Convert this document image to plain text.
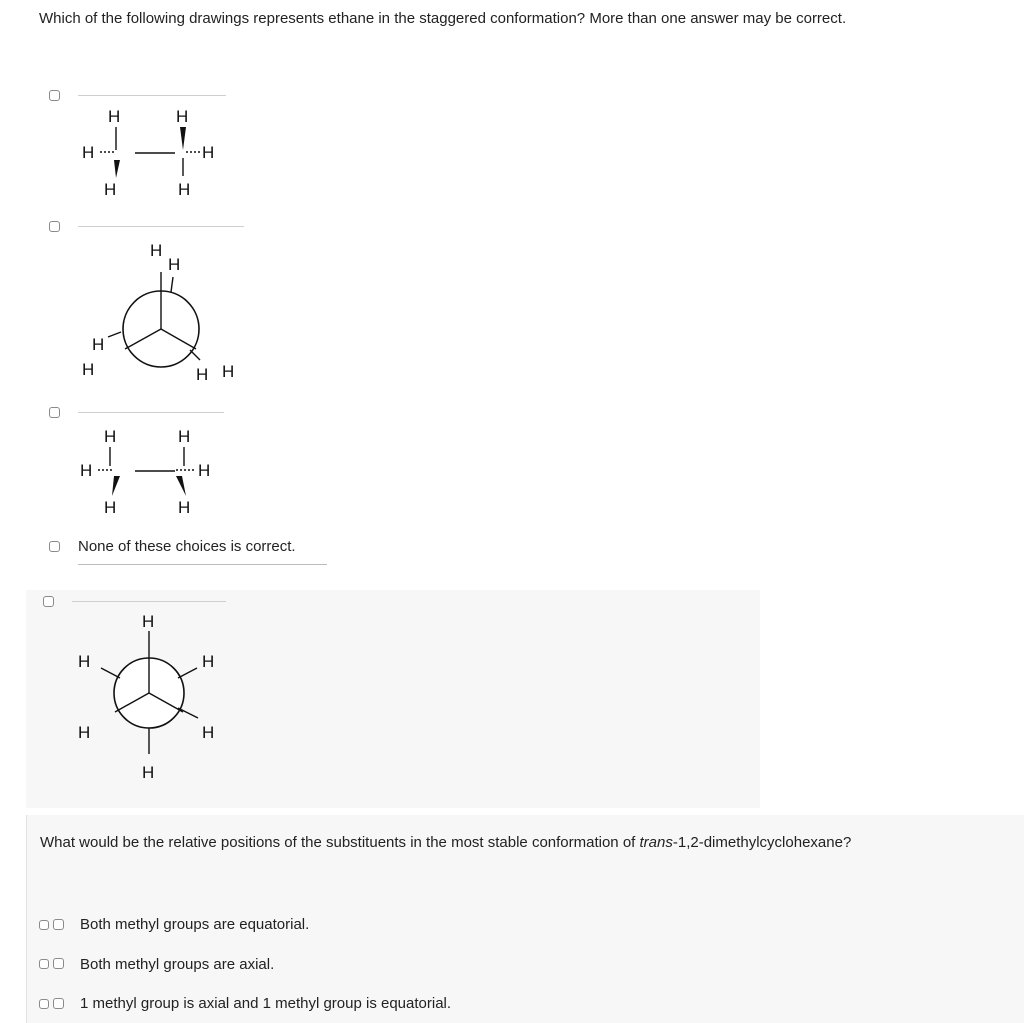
Which of the following drawings represents ethane in the staggered conformation? More than one answer may be correct.
H	H
H	H
H	H
H
H
H
H	H H
H	H
H	H
H	H
None of these choices is correct.
H
H	H
H	H
H
What would be the relative positions of the substituents in the most stable conformation of trans-1,2-dimethylcyclohexane?
Both methyl groups are equatorial.
Both methyl groups are axial.
1 methyl group is axial and 1 methyl group is equatorial.
